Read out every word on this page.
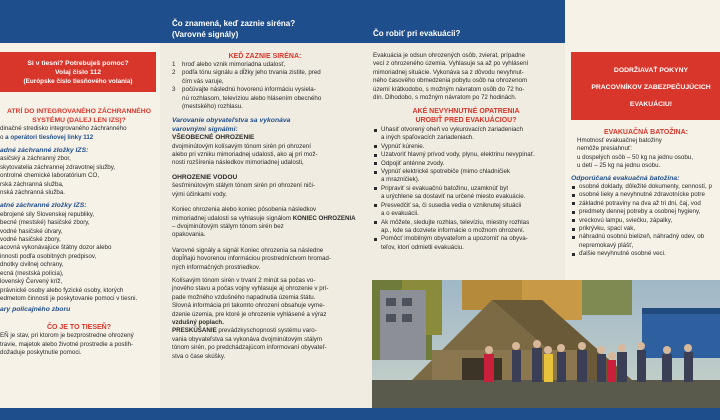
Si v tiesni? Potrebuješ pomoc?
Volaj číslo 112
(Európske číslo tiesňového volania)
ATRÍ DO INTEGROVANÉHO ZÁCHRANNÉHO
SYSTÉMU (DALEJ LEN IZS)?
dinačné stredisko integrovaného záchranného
o a operátori tiesňovej linky 112
adné záchranné zložky IZS:
asičský a záchranný zbor,
skytovatelia záchrannej zdravotnej služby,
ontrolné chemické laboratórium CO,
rská záchranná služba,
nská záchranná služba.
atné záchranné zložky IZS:
ebrojené sily Slovenskej republiky,
becné (mestské) hasičské zbory,
vodné hasičské útvary,
vodné hasičské zbory,
acovná vykonávajúce štátny dozor alebo
innosti podľa osobitných predpisov,
dnotky civilnej ochrany,
ecná (mestská polícia),
lovenský Červený kríž,
právnické osoby alebo fyzické osoby, ktorých
edmetom činnosti je poskytovanie pomoci v tiesni.
ary policajného zboru
ČO JE TO TIESEŇ?
EŇ je stav, pri ktorom je bezprostredne ohrozený
travie, majetok alebo životné prostredie a postih-
dožaduje poskytnutie pomoci.
Čo znamená, keď zaznie siréna?
(Varovné signály)
KEĎ ZAZNIE SIRÉNA:
1	hroď alebo vznik mimoriadna udalosť,
2	podľa tónu signálu a dĺžky jeho trvania zistite, pred
čím vás varuje,
3	počúvajte následnú hovorenú informáciu vysiela-
nú rozhlasom, televíziou alebo hlásením obecného
(mestského) rozhlasu.
Varovanie obyvateľstva sa vykonáva
varovnými signálmi:
VŠEOBECNÉ OHROZENIE
dvojminútovým kolísavým tónom sirén pri ohrození
alebo pri vzniku mimoriadnej udalosti, ako aj pri mož-
nosti rozšírenia následkov mimoriadnej udalosti,
OHROZENIE VODOU
šesťminútovým stálym tónom sirén pri ohrození niči-
vými účinkami vody.
Koniec ohrozenia alebo koniec pôsobenia následkov
mimoriadnej udalosti sa vyhlasuje signálom KONIEC OHROZENIA – dvojminútovým stálym tónom sirén bez
opakovania.
Varovné signály a signál Koniec ohrozenia sa následne
dopĺňajú hovorenou informáciou prostredníctvom hromad-
ných informačných prostriedkov.
Kolísavým tónom sirén v trvaní 2 minút sa počas vo-
jnového stavu a počas vojny vyhlasuje aj ohrozenie v prí-
pade možného vzdušného napadnutia územia štátu.
Slovná informácia pri takomto ohrození obsahuje vyme-
dzenie územia, pre ktoré je ohrozenie vyhlásené a výraz
vzdušný poplach.
PRESKÚŠANIE prevádzkyschopnosti systému varo-
vania obyvateľstva sa vykonáva dvojminútovým stálym
tónom sirén, po predchádzajúcom informovaní obyvateľ-
stva o čase skúšky.
Čo robiť pri evakuácii?
Evakuácia je odsun ohrozených osôb, zvierat, prípadne
vecí z ohrozeného územia. Vyhlasuje sa až po vyhlásení
mimoriadnej situácie. Vykonáva sa z dôvodu nevyhnut-
ného časového obmedzenia pobytu osôb na ohrozenom
území krátkodobo, s možným návratom osôb do 72 ho-
dín. Dlhodobo, s možným návratom po 72 hodinách.
AKÉ NEVYHNUTNÉ OPATRENIA
UROBIŤ PRED EVAKUÁCIOU?
Uhasiť otvorený oheň vo vykurovacích zariadeniach
a iných spaľovacích zariadeniach.
Vypnúť kúrenie.
Uzatvoriť hlavný prívod vody, plynu, elektrinu nevypínať.
Odpojiť anténne zvody.
Vypnúť elektrické spotrebiče (mimo chladničiek
a mrazničiek).
Pripraviť si evakuačnú batožinu, uzamknúť byt
a urýchlene sa dostaviť na určené miesto evakuácie.
Presvedčiť sa, či susedia vedia o vzniknutej situácii
a o evakuácii.
Ak môžete, sledujte rozhlas, televíziu, miestny rozhlas
ap., kde sa dozviete informácie o možnom ohrození.
Pomôcť imobilným obyvateľom a upozorniť na obyva-
teľov, ktorí odmietli evakuáciu.
DODRŽIAVAŤ POKYNY
PRACOVNÍKOV ZABEZPEČUJÚCICH
EVAKUÁCIU!
EVAKUAČNÁ BATOŽINA:
Hmotnosť evakuačnej batožiny
nemôže presiahnuť:
u dospelých osôb – 50 kg na jednu osobu,
u detí – 25 kg na jednu osobu.
Odporúčaná evakuačná batožina:
osobné doklady, dôležité dokumenty, cenností, p
osobné lieky a nevyhnutné zdravotnícke potre
základné potraviny na dva až tri dni, čaj, vod
predmety dennej potreby a osobnej hygieny,
vreckovú lampu, sviečku, zápalky,
prikrývku, spací vak,
náhradnú osobnú bielizeň, náhradný odev, ob
nepremokavý plášť,
ďalšie nevyhnutné osobné veci.
